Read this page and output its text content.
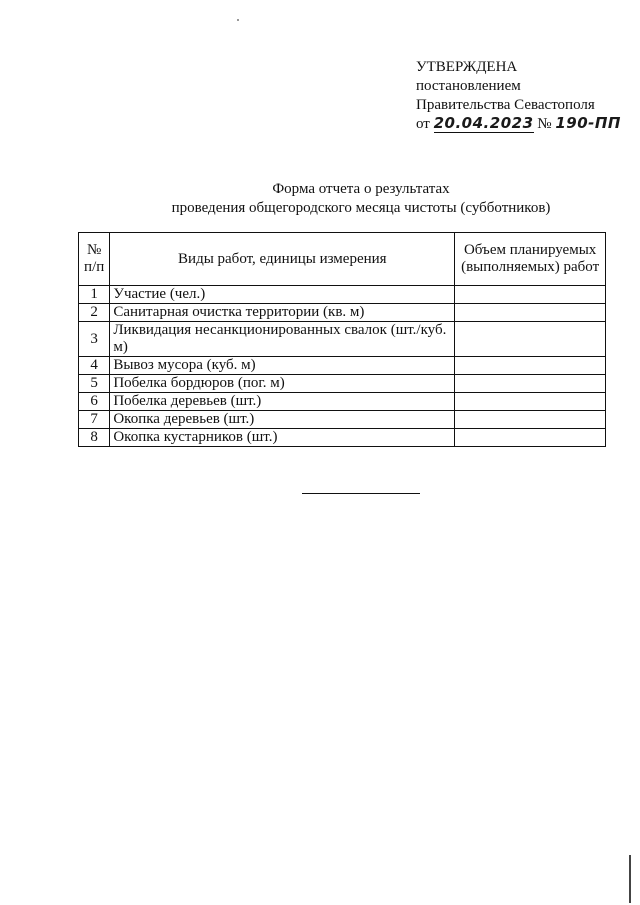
УТВЕРЖДЕНА
постановлением
Правительства Севастополя
от 20.04.2023 № 190-ПП
Форма отчета о результатах
проведения общегородского месяца чистоты (субботников)
№ п/п	Виды работ, единицы измерения	Объем планируемых (выполняемых) работ
1	Участие (чел.)	
2	Санитарная очистка территории (кв. м)	
3	Ликвидация несанкционированных свалок (шт./куб. м)	
4	Вывоз мусора (куб. м)	
5	Побелка бордюров (пог. м)	
6	Побелка деревьев (шт.)	
7	Окопка деревьев (шт.)	
8	Окопка кустарников (шт.)	
